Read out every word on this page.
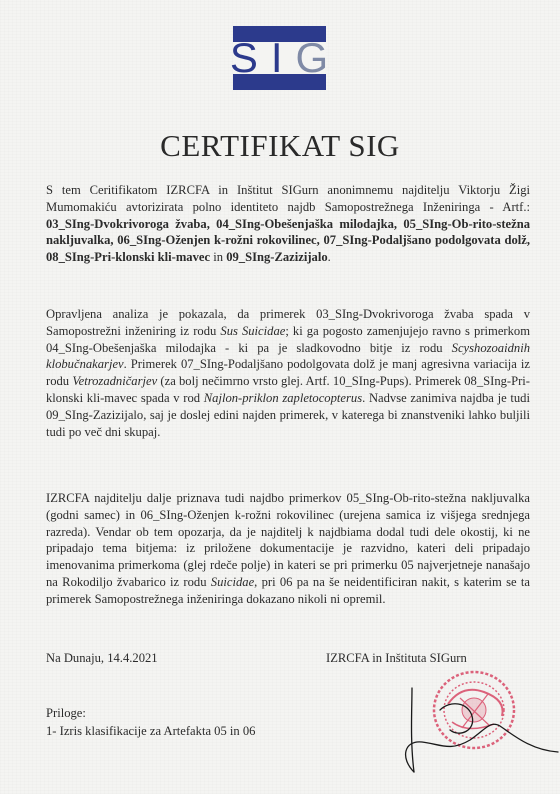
S I G
CERTIFIKAT SIG

S tem Ceritifikatom IZRCFA in Inštitut SIGurn anonimnemu najditelju Viktorju Žigi Mumomakiću avtorizirata polno identiteto najdb Samopostrežnega Inženiringa - Artf.: 03_SIng-Dvokrivoroga žvaba, 04_SIng-Obešenjaška milodajka, 05_SIng-Ob-rito-stežna nakljuvalka, 06_SIng-Oženjen k-rožni rokovilinec, 07_SIng-Podaljšano podolgovata dolž, 08_SIng-Pri-klonski kli-mavec in 09_SIng-Zazizijalo.

Opravljena analiza je pokazala, da primerek 03_SIng-Dvokrivoroga žvaba spada v Samopostrežni inženiring iz rodu Sus Suicidae; ki ga pogosto zamenjujejo ravno s primerkom 04_SIng-Obešenjaška milodajka - ki pa je sladkovodno bitje iz rodu Scyshozoaidnih klobučnakarjev. Primerek 07_SIng-Podaljšano podolgovata dolž je manj agresivna variacija iz rodu Vetrozadničarjev (za bolj nečimrno vrsto glej. Artf. 10_SIng-Pups). Primerek 08_SIng-Pri-klonski kli-mavec spada v rod Najlon-priklon zapletocopterus. Nadvse zanimiva najdba je tudi 09_SIng-Zazizijalo, saj je doslej edini najden primerek, v katerega bi znanstveniki lahko buljili tudi po več dni skupaj.

IZRCFA najditelju dalje priznava tudi najdbo primerkov 05_SIng-Ob-rito-stežna nakljuvalka (godni samec) in 06_SIng-Oženjen k-rožni rokovilinec (urejena samica iz višjega srednjega razreda). Vendar ob tem opozarja, da je najditelj k najdbiama dodal tudi dele okostij, ki ne pripadajo tema bitjema: iz priložene dokumentacije je razvidno, kateri deli pripadajo imenovanima primerkoma (glej rdeče polje) in kateri se pri primerku 05 najverjetneje nanašajo na Rokodiljo žvabarico iz rodu Suicidae, pri 06 pa na še neidentificiran nakit, s katerim se ta primerek Samopostrežnega inženiringa dokazano nikoli ni opremil.

Na Dunaju, 14.4.2021	IZRCFA in Inštituta SIGurn
Priloge:
1- Izris klasifikacije za Artefakta 05 in 06
